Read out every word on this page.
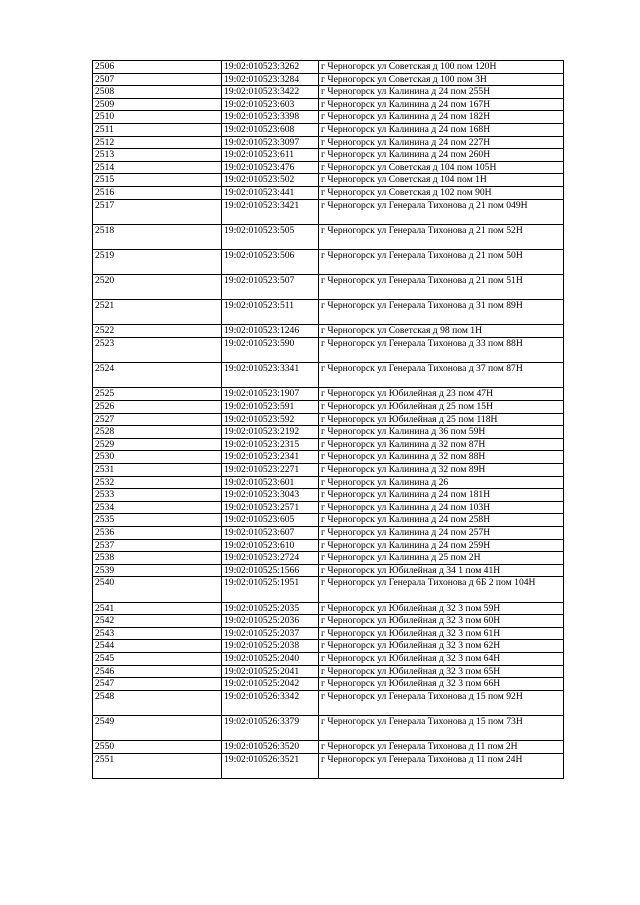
2506	19:02:010523:3262	г Черногорск ул Советская д 100 пом 120Н
2507	19:02:010523:3284	г Черногорск ул Советская д 100 пом 3Н
2508	19:02:010523:3422	г Черногорск ул Калинина д 24 пом 255Н
2509	19:02:010523:603	г Черногорск ул Калинина д 24 пом 167Н
2510	19:02:010523:3398	г Черногорск ул Калинина д 24 пом 182Н
2511	19:02:010523:608	г Черногорск ул Калинина д 24 пом 168Н
2512	19:02:010523:3097	г Черногорск ул Калинина д 24 пом 227Н
2513	19:02:010523:611	г Черногорск ул Калинина д 24 пом 260Н
2514	19:02:010523:476	г Черногорск ул Советская д 104 пом 105Н
2515	19:02:010523:502	г Черногорск ул Советская д 104 пом 1Н
2516	19:02:010523:441	г Черногорск ул Советская д 102 пом 90Н
2517	19:02:010523:3421	г Черногорск ул Генерала Тихонова д 21 пом 049Н
2518	19:02:010523:505	г Черногорск ул Генерала Тихонова д 21 пом 52Н
2519	19:02:010523:506	г Черногорск ул Генерала Тихонова д 21 пом 50Н
2520	19:02:010523:507	г Черногорск ул Генерала Тихонова д 21 пом 51Н
2521	19:02:010523:511	г Черногорск ул Генерала Тихонова д 31 пом 89Н
2522	19:02:010523:1246	г Черногорск ул Советская д 98 пом 1Н
2523	19:02:010523:590	г Черногорск ул Генерала Тихонова д 33 пом 88Н
2524	19:02:010523:3341	г Черногорск ул Генерала Тихонова д 37 пом 87Н
2525	19:02:010523:1907	г Черногорск ул Юбилейная д 23 пом 47Н
2526	19:02:010523:591	г Черногорск ул Юбилейная д 25 пом 15Н
2527	19:02:010523:592	г Черногорск ул Юбилейная д 25 пом 118Н
2528	19:02:010523:2192	г Черногорск ул Калинина д 36 пом 59Н
2529	19:02:010523:2315	г Черногорск ул Калинина д 32 пом 87Н
2530	19:02:010523:2341	г Черногорск ул Калинина д 32 пом 88Н
2531	19:02:010523:2271	г Черногорск ул Калинина д 32 пом 89Н
2532	19:02:010523:601	г Черногорск ул Калинина д 26
2533	19:02:010523:3043	г Черногорск ул Калинина д 24 пом 181Н
2534	19:02:010523:2571	г Черногорск ул Калинина д 24 пом 103Н
2535	19:02:010523:605	г Черногорск ул Калинина д 24 пом 258Н
2536	19:02:010523:607	г Черногорск ул Калинина д 24 пом 257Н
2537	19:02:010523:610	г Черногорск ул Калинина д 24 пом 259Н
2538	19:02:010523:2724	г Черногорск ул Калинина д 25 пом 2Н
2539	19:02:010525:1566	г Черногорск ул Юбилейная д 34 1 пом 41Н
2540	19:02:010525:1951	г Черногорск ул Генерала Тихонова д 6Б 2 пом 104Н
2541	19:02:010525:2035	г Черногорск ул Юбилейная д 32 3 пом 59Н
2542	19:02:010525:2036	г Черногорск ул Юбилейная д 32 3 пом 60Н
2543	19:02:010525:2037	г Черногорск ул Юбилейная д 32 3 пом 61Н
2544	19:02:010525:2038	г Черногорск ул Юбилейная д 32 3 пом 62Н
2545	19:02:010525:2040	г Черногорск ул Юбилейная д 32 3 пом 64Н
2546	19:02:010525:2041	г Черногорск ул Юбилейная д 32 3 пом 65Н
2547	19:02:010525:2042	г Черногорск ул Юбилейная д 32 3 пом 66Н
2548	19:02:010526:3342	г Черногорск ул Генерала Тихонова д 15 пом 92Н
2549	19:02:010526:3379	г Черногорск ул Генерала Тихонова д 15 пом 73Н
2550	19:02:010526:3520	г Черногорск ул Генерала Тихонова д 11 пом 2Н
2551	19:02:010526:3521	г Черногорск ул Генерала Тихонова д 11 пом 24Н
